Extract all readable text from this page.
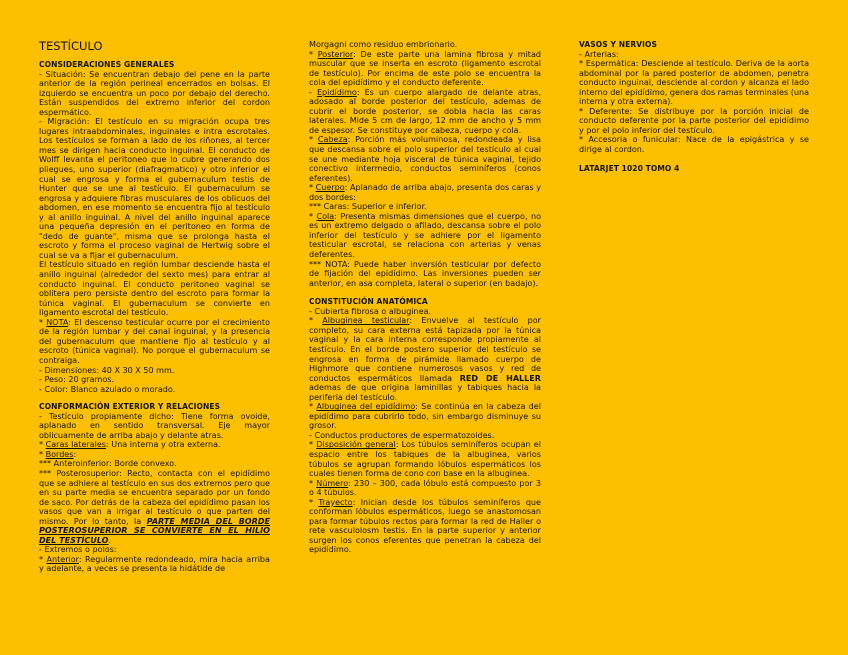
TESTÍCULO

CONSIDERACIONES GENERALES

- Situación: Se encuentran debajo del pene en la parte anterior de la región perineal encerrados en bolsas. El izquierdo se encuentra un poco por debajo del derecho. Están suspendidos del extremo inferior del cordon espermático.

- Migración: El testículo en su migración ocupa tres lugares intraabdominales, inguinales e intra escrotales. Los testículos se forman a lado de los riñones, al tercer mes se dirigen hacia conducto inguinal. El conducto de Wolff levanta el peritoneo que lo cubre generando dos pliegues, uno superior (diafragmatico) y otro inferior el cual se engrosa y forma el gubernaculum testis de Hunter que se une al testículo. El gubernaculum se engrosa y adquiere fibras musculares de los oblicuos del abdomen, en ese momento se encuentra fijo al testículo y al anillo inguinal. A nivel del anillo inguinal aparece una pequeña depresión en el peritoneo en forma de "dedo de guante", misma que se prolonga hasta el escroto y forma el proceso vaginal de Hertwig sobre el cual se va a fijar el gubernaculum.

El testículo situado en región lumbar desciende hasta el anillo inguinal (alrededor del sexto mes) para entrar al conducto inguinal. El conducto peritoneo vaginal se oblitera pero persiste dentro del escroto para formar la túnica vaginal. El gubernaculum se convierte en ligamento escrotal del testículo.

* NOTA: El descenso testicular ocurre por el crecimiento de la región lumbar y del canal inguinal, y la presencia del gubernaculum que mantiene fijo al testículo y al escroto (túnica vaginal). No porque el gubernaculum se contraiga.

- Dimensiones: 40 X 30 X 50 mm.

- Peso: 20 gramos.

- Color: Blanco azulado o morado.

CONFORMACIÓN EXTERIOR Y RELACIONES

- Testículo propiamente dicho: Tiene forma ovoide, aplanado en sentido transversal. Eje mayor oblicuamente de arriba abajo y delante atras.

* Caras laterales: Una interna y otra externa.

* Bordes:

*** Anteroinferior: Borde convexo.

*** Posterosuperior: Recto, contacta con el epidídimo que se adhiere al testículo en sus dos extremos pero que en su parte media se encuentra separado por un fondo de saco. Por detrás de la cabeza del epidídimo pasan los vasos que van a irrigar al testículo o que parten del mismo. Por lo tanto, la PARTE MEDIA DEL BORDE POSTEROSUPERIOR SE CONVIERTE EN EL HILIO DEL TESTÍCULO.

- Extremos o polos:

* Anterior: Regularmente redondeado, mira hacia arriba y adelante, a veces se presenta la hidátide de

Morgagni como residuo embrionario.

* Posterior: De este parte una lamina fibrosa y mitad muscular que se inserta en escroto (ligamento escrotal de testículo). Por encima de este polo se encuentra la cola del epidídimo y el conducto deferente.

- Epidídimo: Es un cuerpo alargado de delante atras, adosado al borde posterior del testículo, ademas de cubrir el borde posterior, se dobla hacia las caras laterales. Mide 5 cm de largo, 12 mm de ancho y 5 mm de espesor. Se constituye por cabeza, cuerpo y cola.

* Cabeza: Porción más voluminosa, redondeada y lisa que descansa sobre el polo superior del testículo al cual se une mediante hoja visceral de túnica vaginal, tejido conectivo intermedio, conductos seminíferos (conos eferentes).

* Cuerpo: Aplanado de arriba abajo, presenta dos caras y dos bordes:

*** Caras: Superior e inferior.

* Cola: Presenta mismas dimensiones que el cuerpo, no es un extremo delgado o afilado, descansa sobre el polo inferior del testículo y se adhiere por el ligamento testicular escrotal, se relaciona con arterias y venas deferentes.

*** NOTA: Puede haber inversión testicular por defecto de fijación del epidídimo. Las inversiones pueden ser anterior, en asa completa, lateral o superior (en badajo).

CONSTITUCIÓN ANATÓMICA

- Cubierta fibrosa o albuginea.

* Albuginea testicular: Envuelve al testículo por completo, su cara externa está tapizada por la túnica vaginal y la cara interna corresponde propiamente al testículo. En el borde postero superior del testículo se engrosa en forma de pirámide llamado cuerpo de Highmore que contiene numerosos vasos y red de conductos espermáticos llamada RED DE HALLER ademas de que origina laminillas y tabiques hacia la periferia del testículo.

* Albuginea del epidídimo: Se continúa en la cabeza del epidídimo para cubrirlo todo, sin embargo disminuye su grosor.

- Conductos productores de espermatozoides.

* Disposición general: Los túbulos seminíferos ocupan el espacio entre los tabiques de la albuginea, varios túbulos se agrupan formando lóbulos espermáticos los cuales tienen forma de cono con base en la albuginea.

* Número: 230 – 300, cada lóbulo está compuesto por 3 o 4 túbulos.

* Trayecto: Inician desde los túbulos seminíferos que conforman lóbulos espermáticos, luego se anastomosan para formar túbulos rectos para formar la red de Haller o rete vasculolosm testis. En la parte superior y anterior surgen los conos eferentes que penetran la cabeza del epidídimo.

VASOS Y NERVIOS

- Arterias:

* Espermática: Desciende al testículo. Deriva de la aorta abdominal por la pared posterior de abdomen, penetra conducto inguinal, desciende al cordon y alcanza el lado interno del epidídimo, genera dos ramas terminales (una interna y otra externa).

* Deferente: Se distribuye por la porción inicial de conducto deferente por la parte posterior del epidídimo y por el polo inferior del testículo.

* Accesoria o funicular: Nace de la epigástrica y se dirige al cordon.

LATARJET 1020 TOMO 4
